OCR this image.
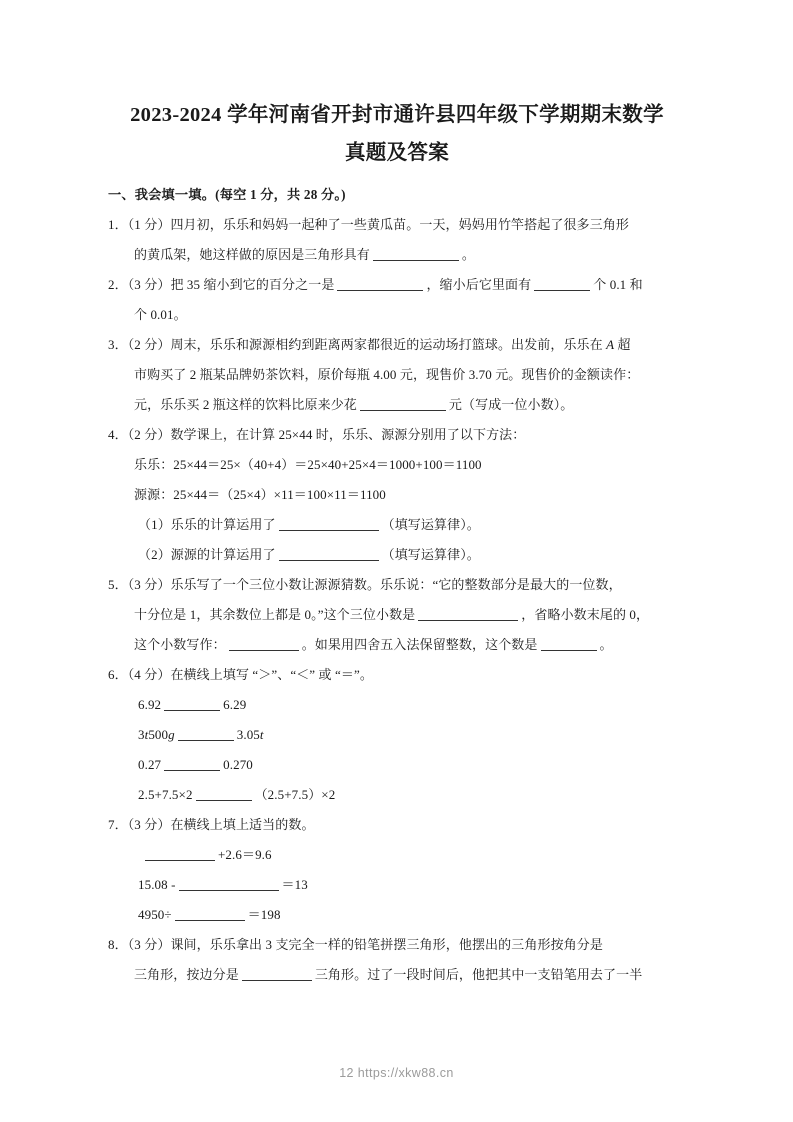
2023-2024 学年河南省开封市通许县四年级下学期期末数学
真题及答案
一、我会填一填。(每空 1 分，共 28 分。)
1．（1 分）四月初，乐乐和妈妈一起种了一些黄瓜苗。一天，妈妈用竹竿搭起了很多三角形
的黄瓜架，她这样做的原因是三角形具有	。
2．（3 分）把 35 缩小到它的百分之一是	，缩小后它里面有	个 0.1 和
个 0.01。
3．（2 分）周末，乐乐和源源相约到距离两家都很近的运动场打篮球。出发前，乐乐在 A 超
市购买了 2 瓶某品牌奶茶饮料，原价每瓶 4.00 元，现售价 3.70 元。现售价的金额读作：
元，乐乐买 2 瓶这样的饮料比原来少花	元（写成一位小数）。
4．（2 分）数学课上，在计算 25×44 时，乐乐、源源分别用了以下方法：
乐乐：25×44＝25×（40+4）＝25×40+25×4＝1000+100＝1100
源源：25×44＝（25×4）×11＝100×11＝1100
（1）乐乐的计算运用了	（填写运算律）。
（2）源源的计算运用了	（填写运算律）。
5．（3 分）乐乐写了一个三位小数让源源猜数。乐乐说：“它的整数部分是最大的一位数，
十分位是 1，其余数位上都是 0。”这个三位小数是	，省略小数末尾的 0，
这个小数写作：	。如果用四舍五入法保留整数，这个数是	。
6．（4 分）在横线上填写 “＞”、“＜” 或 “＝”。
6.92	6.29
3t500g	3.05t
0.27	0.270
2.5+7.5×2	（2.5+7.5）×2
7．（3 分）在横线上填上适当的数。
+2.6＝9.6
15.08 -	＝13
4950÷	＝198
8．（3 分）课间，乐乐拿出 3 支完全一样的铅笔拼摆三角形，他摆出的三角形按角分是
三角形，按边分是	三角形。过了一段时间后，他把其中一支铅笔用去了一半
12 https://xkw88.cn
